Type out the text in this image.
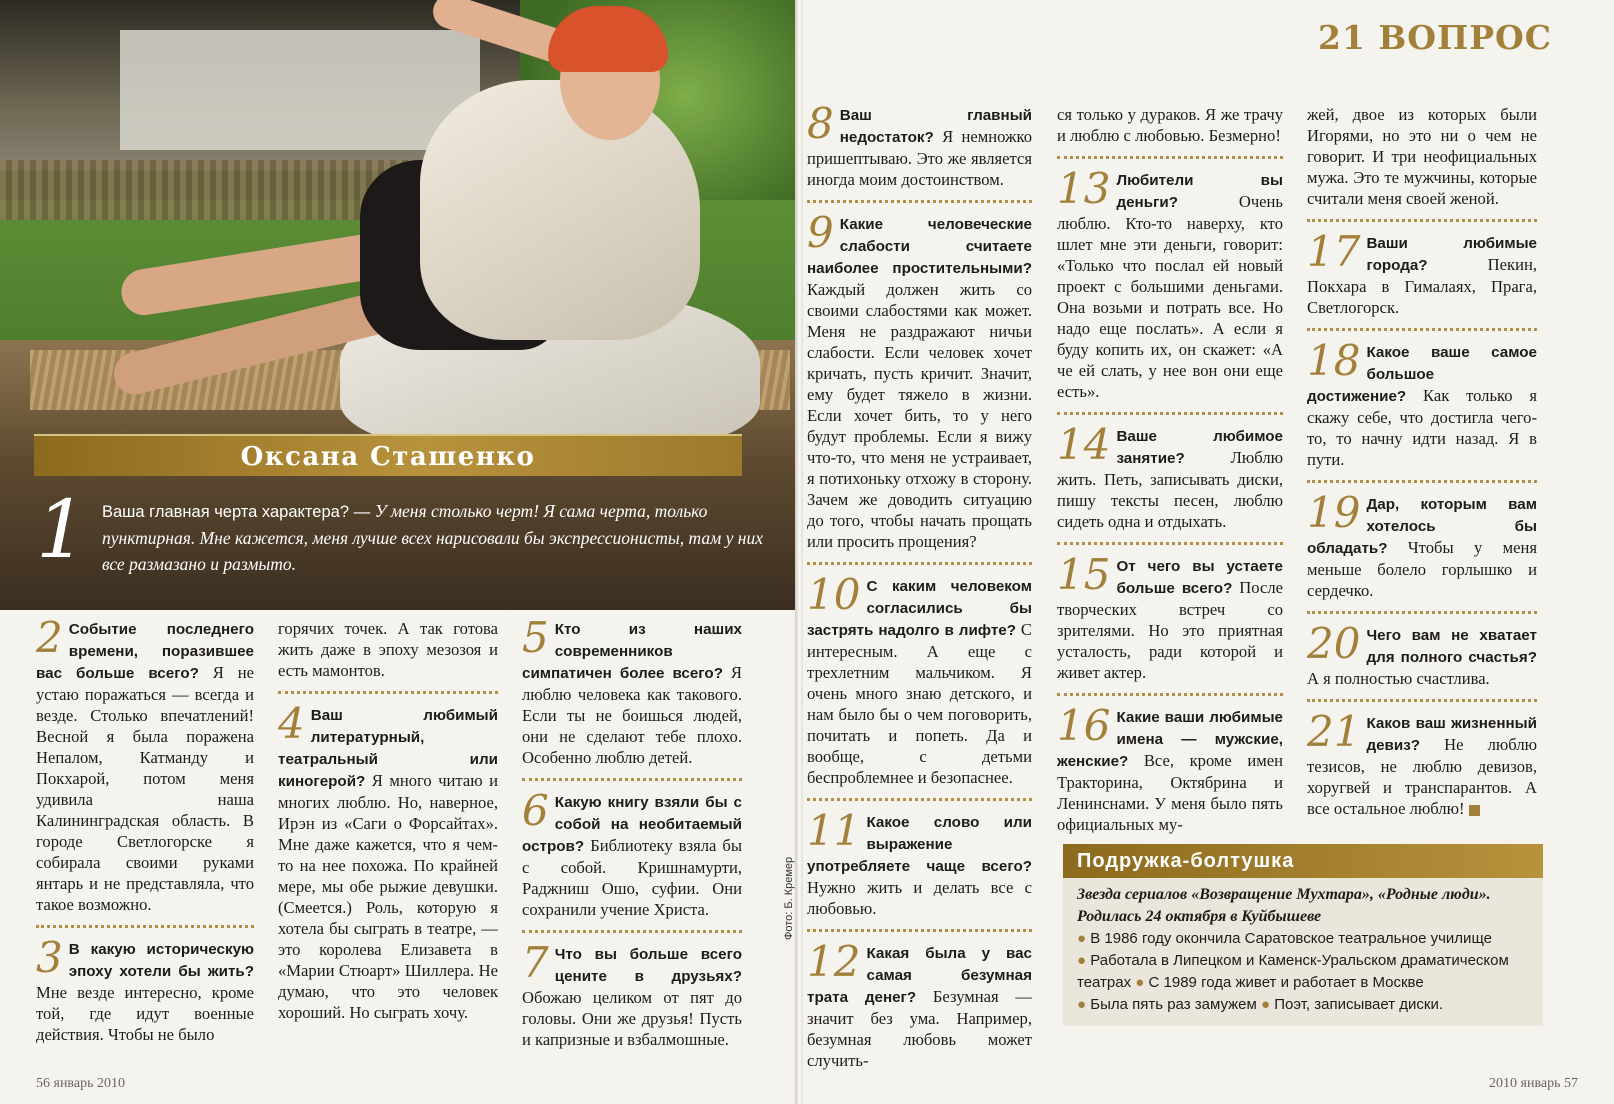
Оксана Сташенко
1 Ваша главная черта характера? — У меня столько черт! Я сама черта, только пунктирная. Мне кажется, меня лучше всех нарисовали бы экспрессионисты, там у них все размазано и размыто.

2 Событие последнего времени, поразившее вас больше всего? Я не устаю поражаться — всегда и везде. Столько впечатлений! Весной я была поражена Непалом, Катманду и Покхарой, потом меня удивила наша Калининградская область. В городе Светлогорске я собирала своими руками янтарь и не представляла, что такое возможно.

3 В какую историческую эпоху хотели бы жить? Мне везде интересно, кроме той, где идут военные действия. Чтобы не было

горячих точек. А так готова жить даже в эпоху мезозоя и есть мамонтов.

4 Ваш любимый литературный, театральный или киногерой? Я много читаю и многих люблю. Но, наверное, Ирэн из «Саги о Форсайтах». Мне даже кажется, что я чем-то на нее похожа. По крайней мере, мы обе рыжие девушки. (Смеется.) Роль, которую я хотела бы сыграть в театре, — это королева Елизавета в «Марии Стюарт» Шиллера. Не думаю, что это человек хороший. Но сыграть хочу.

5 Кто из наших современников симпатичен более всего? Я люблю человека как такового. Если ты не боишься людей, они не сделают тебе плохо. Особенно люблю детей.

6 Какую книгу взяли бы с собой на необитаемый остров? Библиотеку взяла бы с собой. Кришнамурти, Раджниш Ошо, суфии. Они сохранили учение Христа.

7 Что вы больше всего цените в друзьях? Обожаю целиком от пят до головы. Они же друзья! Пусть и капризные и взбалмошные.

56 январь 2010
Фото: Б. Кремер
21 ВОПРОС

8 Ваш главный недостаток? Я немножко пришептываю. Это же является иногда моим достоинством.

9 Какие человеческие слабости считаете наиболее простительными? Каждый должен жить со своими слабостями как может. Меня не раздражают ничьи слабости. Если человек хочет кричать, пусть кричит. Значит, ему будет тяжело в жизни. Если хочет бить, то у него будут проблемы. Если я вижу что-то, что меня не устраивает, я потихоньку отхожу в сторону. Зачем же доводить ситуацию до того, чтобы начать прощать или просить прощения?

10 С каким человеком согласились бы застрять надолго в лифте? С интересным. А еще с трехлетним мальчиком. Я очень много знаю детского, и нам было бы о чем поговорить, почитать и попеть. Да и вообще, с детьми беспроблемнее и безопаснее.

11 Какое слово или выражение употребляете чаще всего? Нужно жить и делать все с любовью.

12 Какая была у вас самая безумная трата денег? Безумная — значит без ума. Например, безумная любовь может случить-

ся только у дураков. Я же трачу и люблю с любовью. Безмерно!

13 Любители вы деньги? Очень люблю. Кто-то наверху, кто шлет мне эти деньги, говорит: «Только что послал ей новый проект с большими деньгами. Она возьми и потрать все. Но надо еще послать». А если я буду копить их, он скажет: «А че ей слать, у нее вон они еще есть».

14 Ваше любимое занятие? Люблю жить. Петь, записывать диски, пишу тексты песен, люблю сидеть одна и отдыхать.

15 От чего вы устаете больше всего? После творческих встреч со зрителями. Но это приятная усталость, ради которой и живет актер.

16 Какие ваши любимые имена — мужские, женские? Все, кроме имен Тракторина, Октябрина и Ленинснами. У меня было пять официальных му-

жей, двое из которых были Игорями, но это ни о чем не говорит. И три неофициальных мужа. Это те мужчины, которые считали меня своей женой.

17 Ваши любимые города? Пекин, Покхара в Гималаях, Прага, Светлогорск.

18 Какое ваше самое большое достижение? Как только я скажу себе, что достигла чего-то, то начну идти назад. Я в пути.

19 Дар, которым вам хотелось бы обладать? Чтобы у меня меньше болело горлышко и сердечко.

20 Чего вам не хватает для полного счастья? А я полностью счастлива.

21 Каков ваш жизненный девиз? Не люблю тезисов, не люблю девизов, хоругвей и транспарантов. А все остальное люблю!

2010 январь 57
Подружка-болтушка
Звезда сериалов «Возвращение Мухтара», «Родные люди». Родилась 24 октября в Куйбышеве
● В 1986 году окончила Саратовское театральное училище
● Работала в Липецком и Каменск-Уральском драматическом театрах ● С 1989 года живет и работает в Москве
● Была пять раз замужем ● Поэт, записывает диски.
